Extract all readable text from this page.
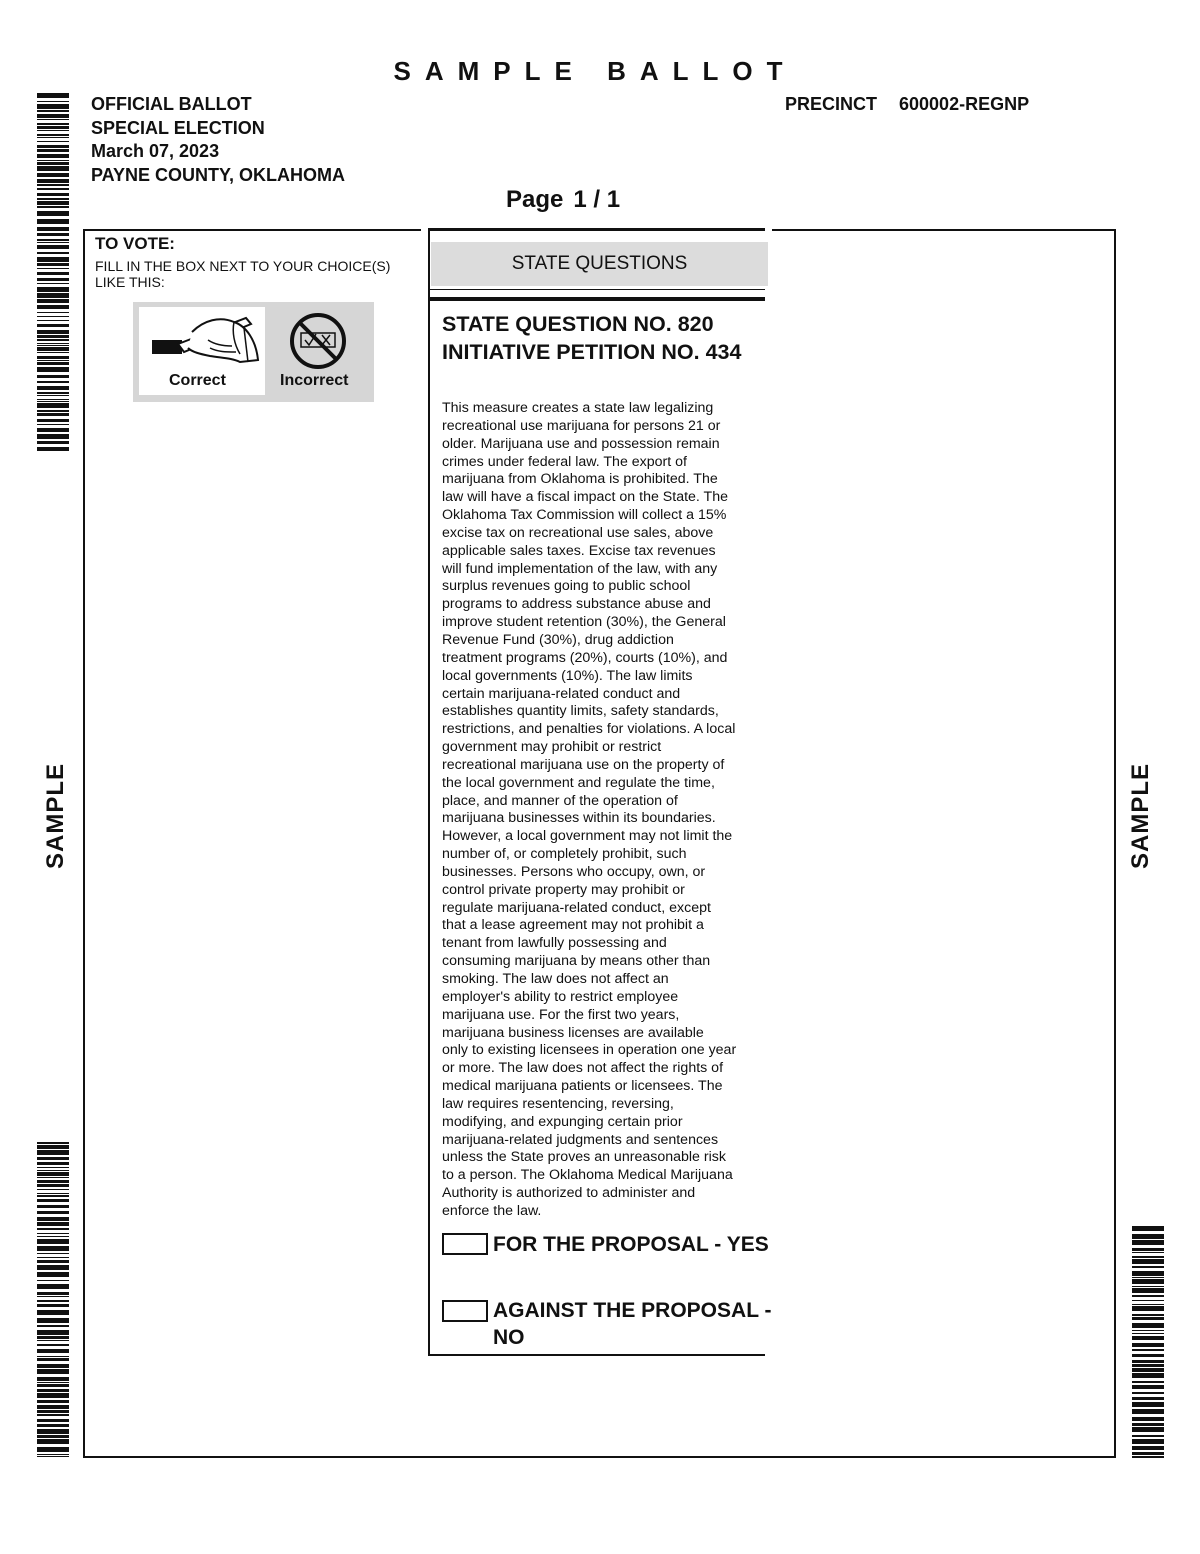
SAMPLE	SAMPLE
SAMPLE BALLOT
OFFICIAL BALLOT
SPECIAL ELECTION
March 07, 2023
PAYNE COUNTY, OKLAHOMA
PRECINCT 600002-REGNP
Page 1 / 1
TO VOTE:
FILL IN THE BOX NEXT TO YOUR CHOICE(S) LIKE THIS:
Correct	Incorrect
STATE QUESTIONS
STATE QUESTION NO. 820 INITIATIVE PETITION NO. 434
This measure creates a state law legalizing
recreational use marijuana for persons 21 or
older. Marijuana use and possession remain
crimes under federal law. The export of
marijuana from Oklahoma is prohibited. The
law will have a fiscal impact on the State. The
Oklahoma Tax Commission will collect a 15%
excise tax on recreational use sales, above
applicable sales taxes. Excise tax revenues
will fund implementation of the law, with any
surplus revenues going to public school
programs to address substance abuse and
improve student retention (30%), the General
Revenue Fund (30%), drug addiction
treatment programs (20%), courts (10%), and
local governments (10%). The law limits
certain marijuana-related conduct and
establishes quantity limits, safety standards,
restrictions, and penalties for violations. A local
government may prohibit or restrict
recreational marijuana use on the property of
the local government and regulate the time,
place, and manner of the operation of
marijuana businesses within its boundaries.
However, a local government may not limit the
number of, or completely prohibit, such
businesses. Persons who occupy, own, or
control private property may prohibit or
regulate marijuana-related conduct, except
that a lease agreement may not prohibit a
tenant from lawfully possessing and
consuming marijuana by means other than
smoking. The law does not affect an
employer's ability to restrict employee
marijuana use. For the first two years,
marijuana business licenses are available
only to existing licensees in operation one year
or more. The law does not affect the rights of
medical marijuana patients or licensees. The
law requires resentencing, reversing,
modifying, and expunging certain prior
marijuana-related judgments and sentences
unless the State proves an unreasonable risk
to a person. The Oklahoma Medical Marijuana
Authority is authorized to administer and
enforce the law.
FOR THE PROPOSAL - YES
AGAINST THE PROPOSAL - NO
